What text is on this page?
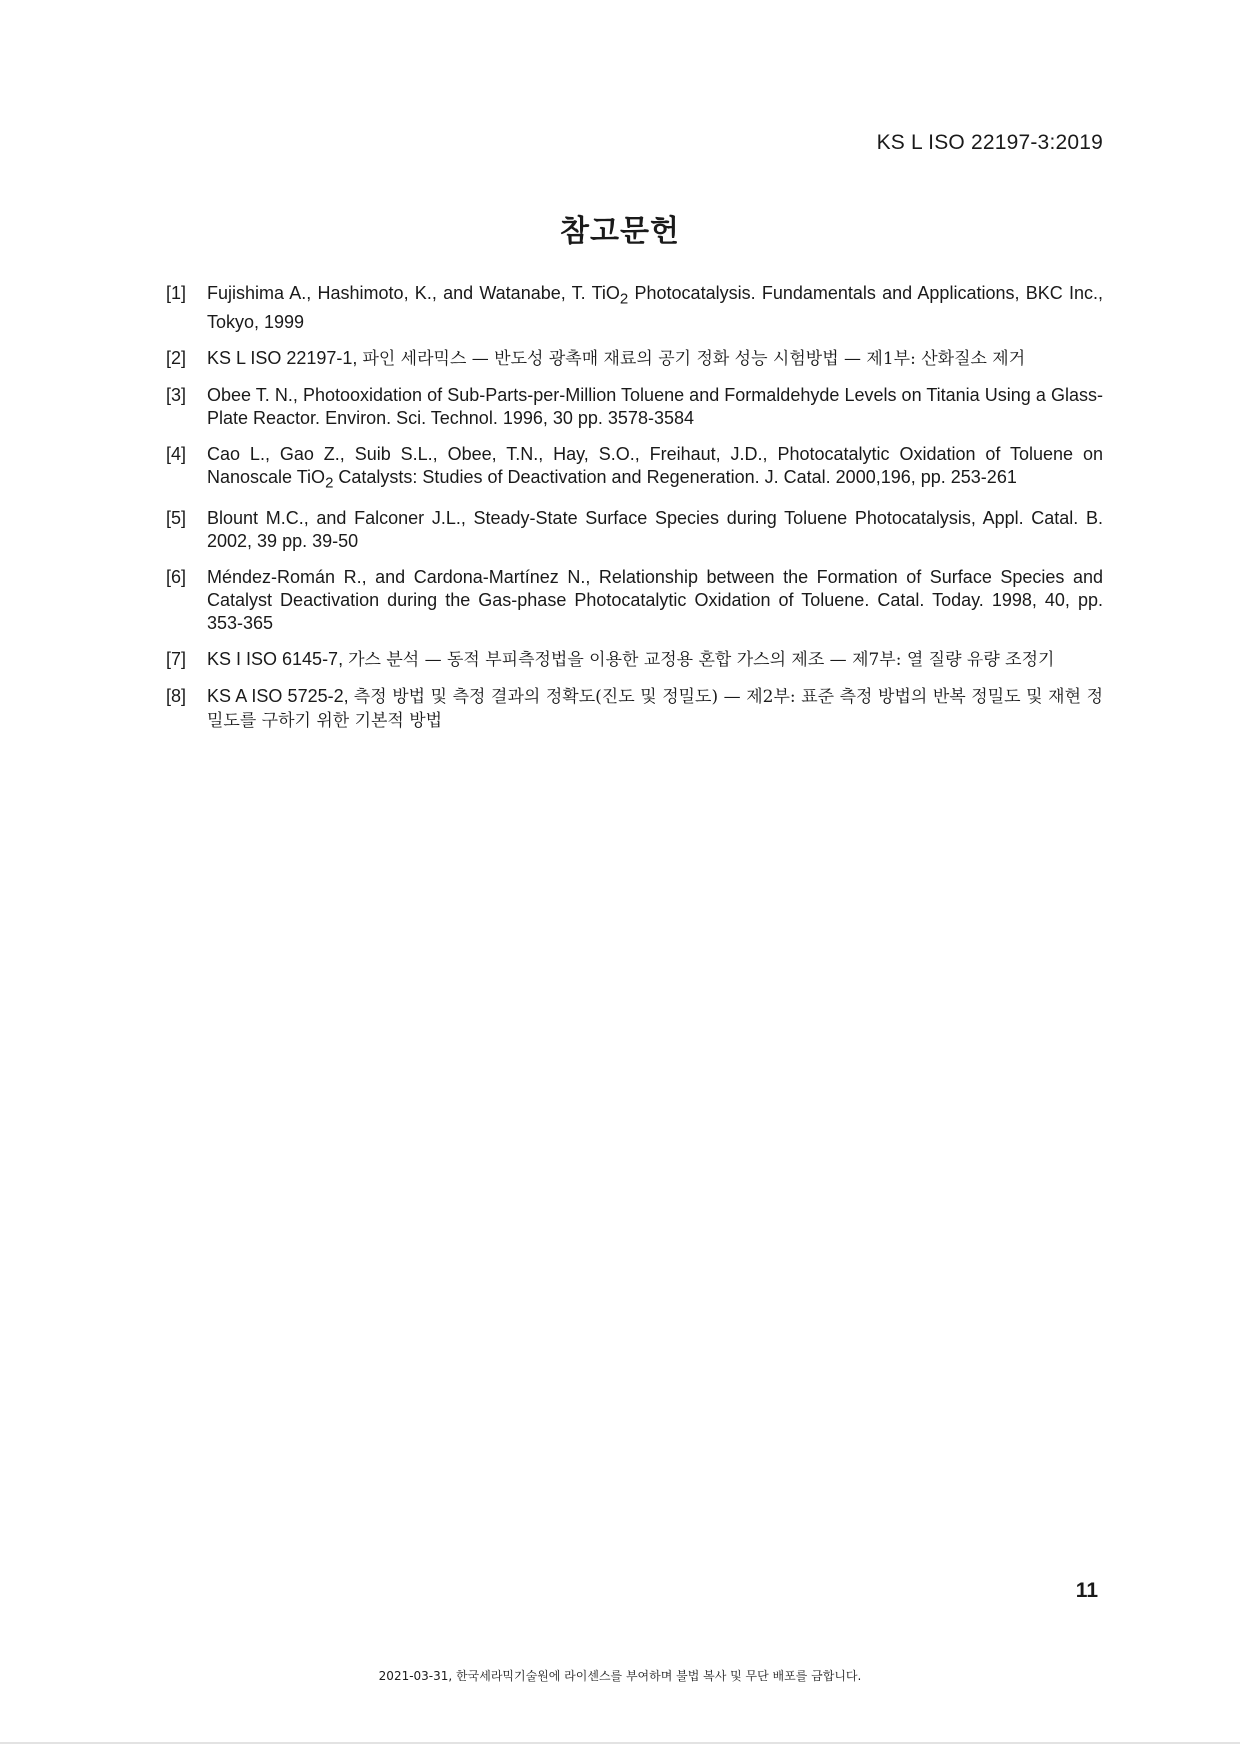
KS L ISO 22197-3:2019
참고문헌
[1]	Fujishima A., Hashimoto, K., and Watanabe, T. TiO$_2$ Photocatalysis. Fundamentals and Applications, BKC Inc., Tokyo, 1999
[2]	KS L ISO 22197-1, 파인 세라믹스 — 반도성 광촉매 재료의 공기 정화 성능 시험방법 — 제1부: 산화질소 제거
[3]	Obee T. N., Photooxidation of Sub-Parts-per-Million Toluene and Formaldehyde Levels on Titania Using a Glass-Plate Reactor. Environ. Sci. Technol. 1996, 30 pp. 3578-3584
[4]	Cao L., Gao Z., Suib S.L., Obee, T.N., Hay, S.O., Freihaut, J.D., Photocatalytic Oxidation of Toluene on Nanoscale TiO$_2$ Catalysts: Studies of Deactivation and Regeneration. J. Catal. 2000,196, pp. 253-261
[5]	Blount M.C., and Falconer J.L., Steady-State Surface Species during Toluene Photocatalysis, Appl. Catal. B. 2002, 39 pp. 39-50
[6]	Méndez-Román R., and Cardona-Martínez N., Relationship between the Formation of Surface Species and Catalyst Deactivation during the Gas-phase Photocatalytic Oxidation of Toluene. Catal. Today. 1998, 40, pp. 353-365
[7]	KS I ISO 6145-7, 가스 분석 — 동적 부피측정법을 이용한 교정용 혼합 가스의 제조 — 제7부: 열 질량 유량 조정기
[8]	KS A ISO 5725-2, 측정 방법 및 측정 결과의 정확도(진도 및 정밀도) — 제2부: 표준 측정 방법의 반복 정밀도 및 재현 정밀도를 구하기 위한 기본적 방법
11
2021-03-31, 한국세라믹기술원에 라이센스를 부여하며 불법 복사 및 무단 배포를 금합니다.
